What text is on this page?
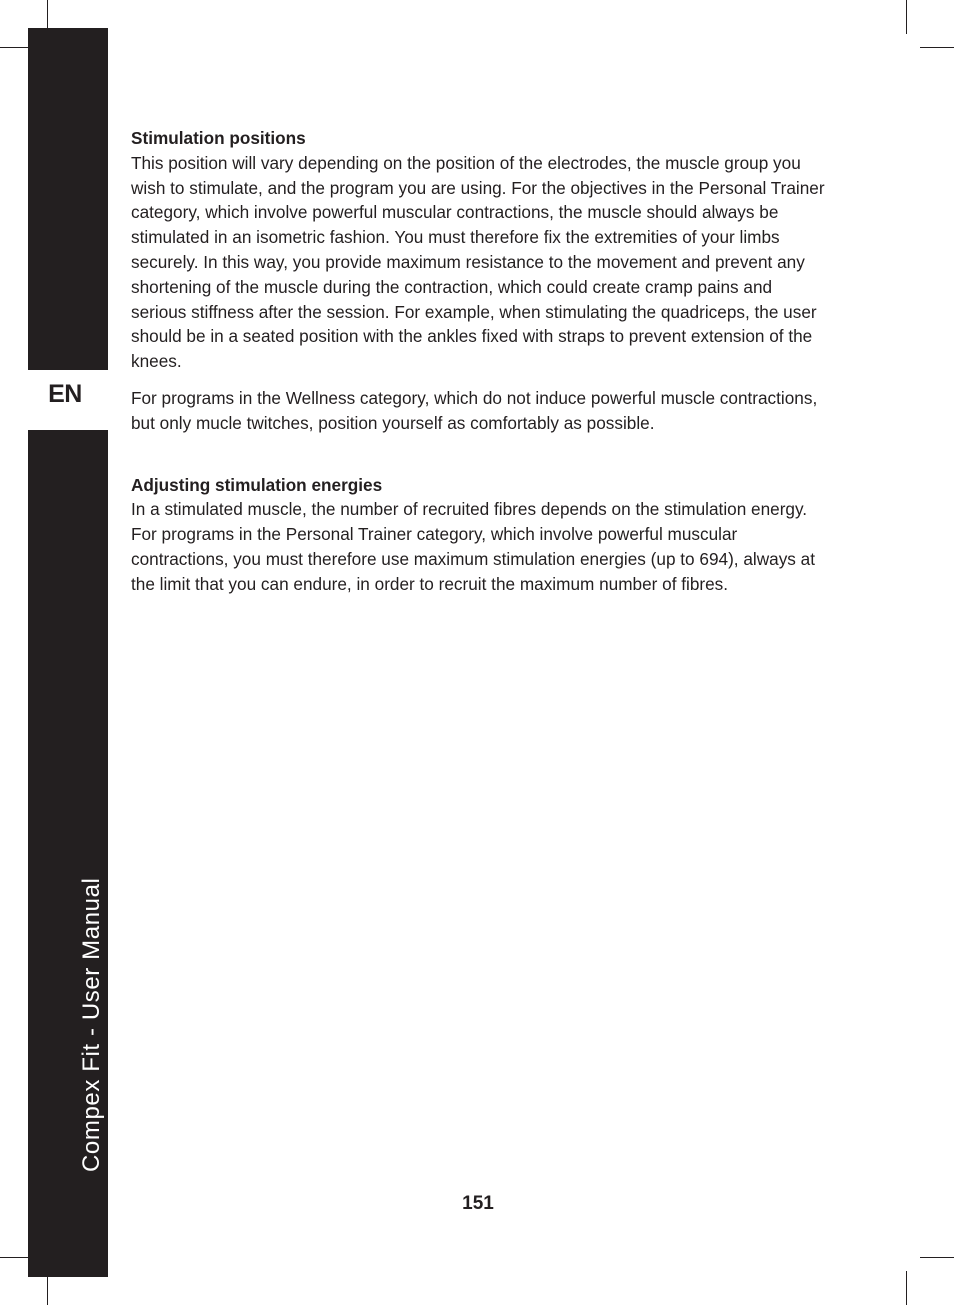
EN
Compex Fit - User Manual

Stimulation positions

This position will vary depending on the position of the electrodes, the muscle group you wish to stimulate, and the program you are using. For the objectives in the Personal Trainer category, which involve powerful muscular contractions, the muscle should always be stimulated in an isometric fashion. You must therefore fix the extremities of your limbs securely. In this way, you provide maximum resistance to the movement and prevent any shortening of the muscle during the contraction, which could create cramp pains and serious stiffness after the session. For example, when stimulating the quadriceps, the user should be in a seated position with the ankles fixed with straps to prevent extension of the knees.

For programs in the Wellness category, which do not induce powerful muscle contractions, but only mucle twitches, position yourself as comfortably as possible.

Adjusting stimulation energies

In a stimulated muscle, the number of recruited fibres depends on the stimulation energy. For programs in the Personal Trainer category, which involve powerful muscular contractions, you must therefore use maximum stimulation energies (up to 694), always at the limit that you can endure, in order to recruit the maximum number of fibres.

151
